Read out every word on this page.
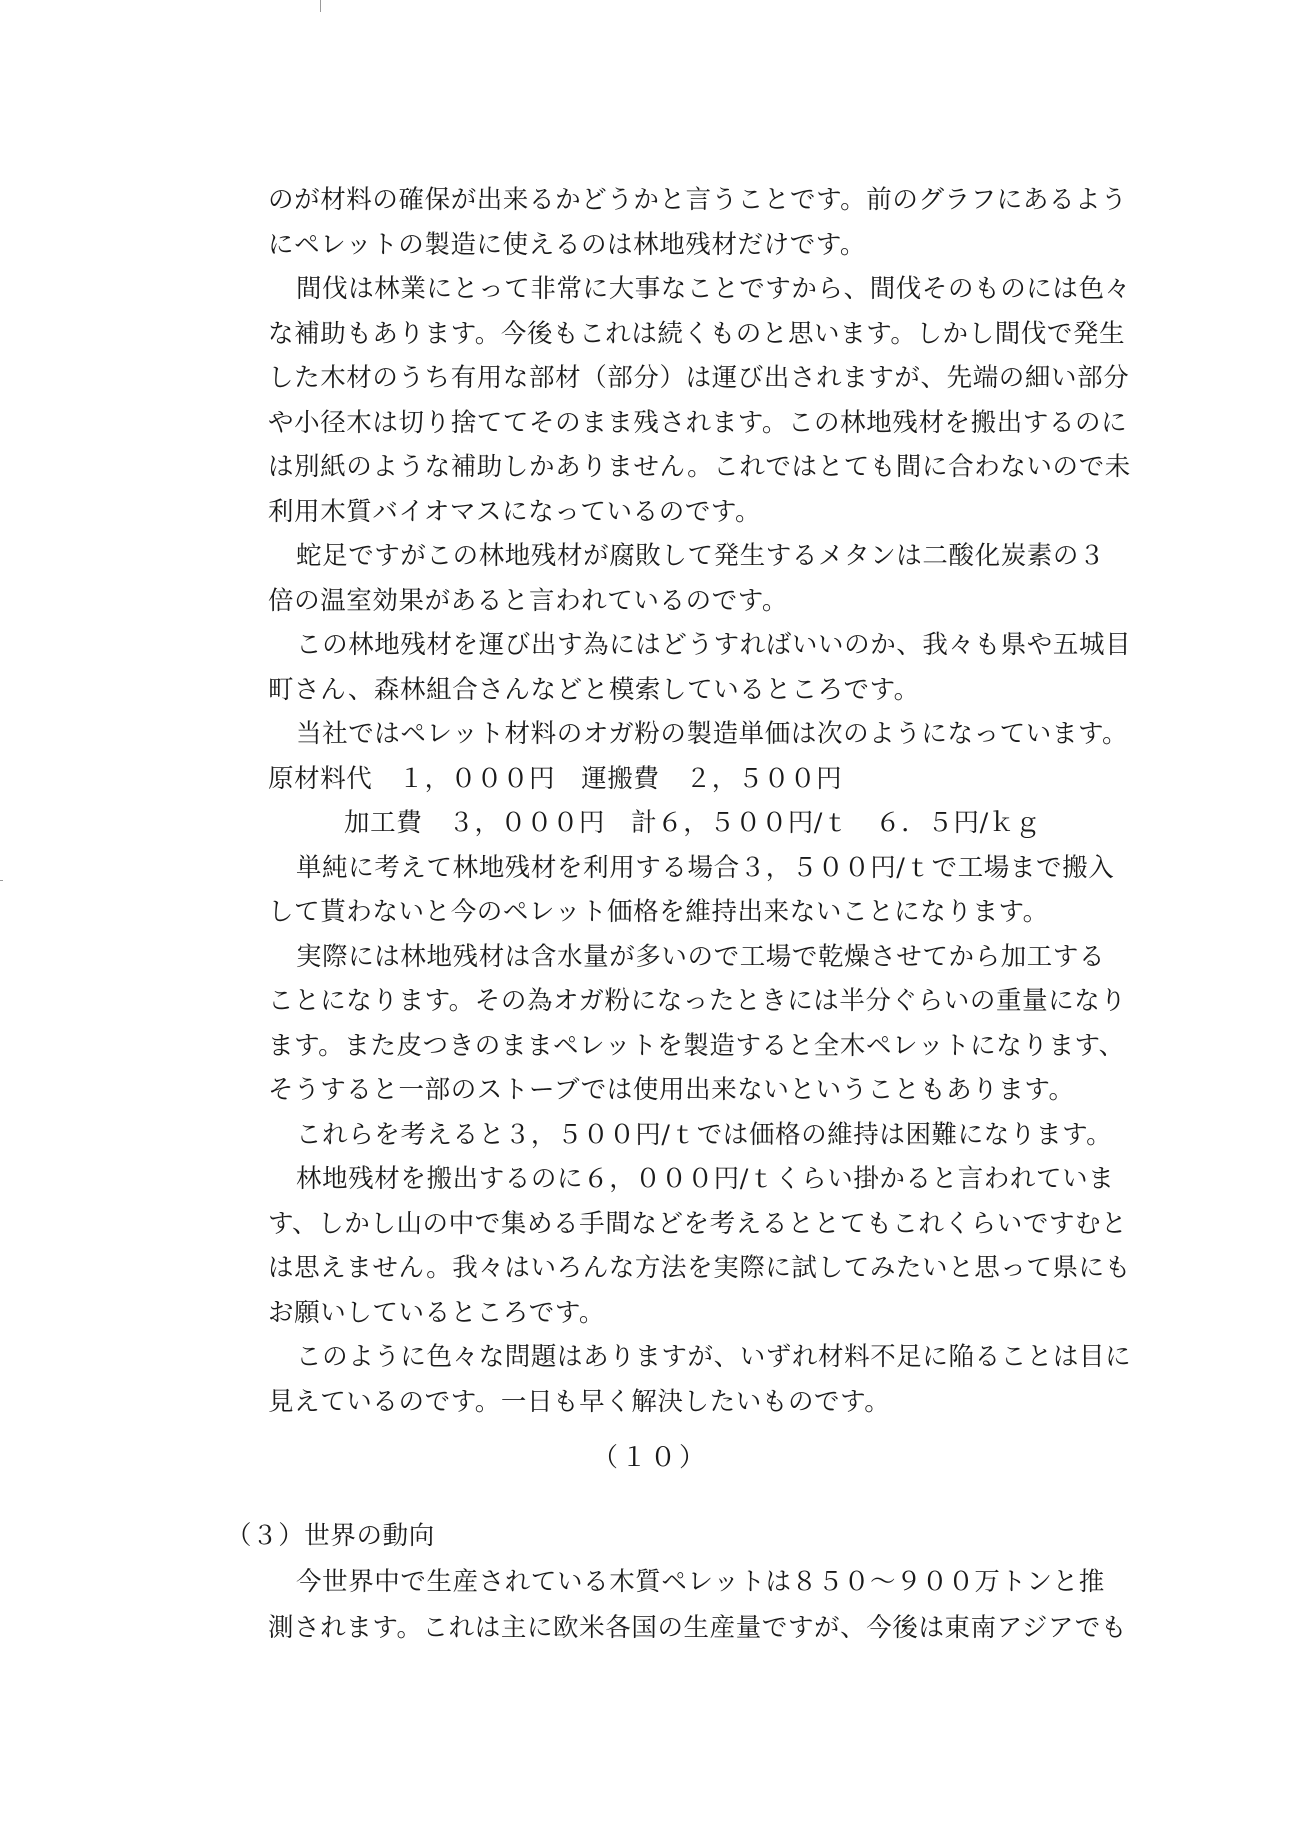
のが材料の確保が出来るかどうかと言うことです。前のグラフにあるよう
にペレットの製造に使えるのは林地残材だけです。
間伐は林業にとって非常に大事なことですから、間伐そのものには色々
な補助もあります。今後もこれは続くものと思います。しかし間伐で発生
した木材のうち有用な部材（部分）は運び出されますが、先端の細い部分
や小径木は切り捨ててそのまま残されます。この林地残材を搬出するのに
は別紙のような補助しかありません。これではとても間に合わないので未
利用木質バイオマスになっているのです。
蛇足ですがこの林地残材が腐敗して発生するメタンは二酸化炭素の３
倍の温室効果があると言われているのです。
この林地残材を運び出す為にはどうすればいいのか、我々も県や五城目
町さん、森林組合さんなどと模索しているところです。
当社ではペレット材料のオガ粉の製造単価は次のようになっています。
原材料代　１，０００円　運搬費　２，５００円
加工費　３，０００円　計６，５００円/ｔ　６．５円/ｋｇ
単純に考えて林地残材を利用する場合３，５００円/ｔで工場まで搬入
して貰わないと今のペレット価格を維持出来ないことになります。
実際には林地残材は含水量が多いので工場で乾燥させてから加工する
ことになります。その為オガ粉になったときには半分ぐらいの重量になり
ます。また皮つきのままペレットを製造すると全木ペレットになります、
そうすると一部のストーブでは使用出来ないということもあります。
これらを考えると３，５００円/ｔでは価格の維持は困難になります。
林地残材を搬出するのに６，０００円/ｔくらい掛かると言われていま
す、しかし山の中で集める手間などを考えるととてもこれくらいですむと
は思えません。我々はいろんな方法を実際に試してみたいと思って県にも
お願いしているところです。
このように色々な問題はありますが、いずれ材料不足に陥ることは目に
見えているのです。一日も早く解決したいものです。
（１０）
（３）世界の動向
今世界中で生産されている木質ペレットは８５０～９００万トンと推
測されます。これは主に欧米各国の生産量ですが、今後は東南アジアでも
